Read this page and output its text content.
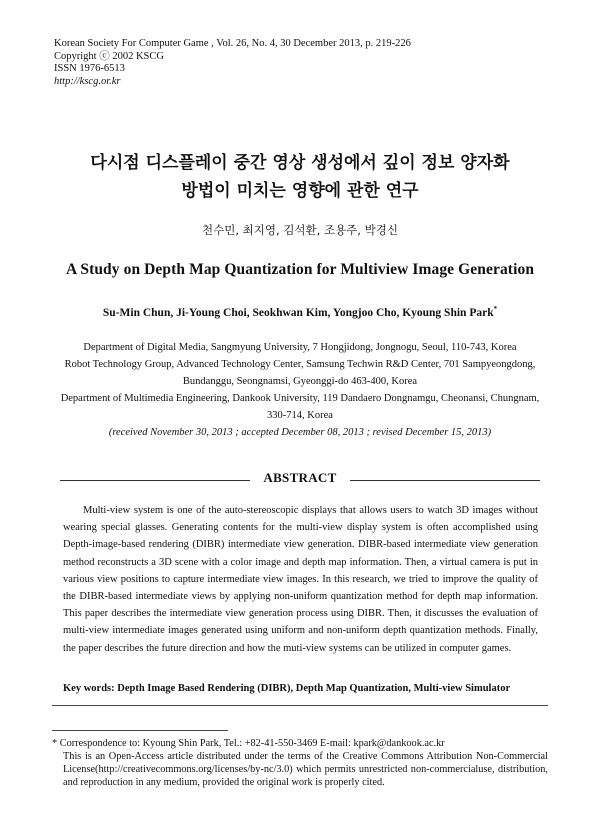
Korean Society For Computer Game , Vol. 26, No. 4, 30 December 2013, p. 219-226
Copyright ⓒ 2002 KSCG
ISSN 1976-6513
http://kscg.or.kr
다시점 디스플레이 중간 영상 생성에서 깊이 정보 양자화
방법이 미치는 영향에 관한 연구
천수민, 최지영, 김석환, 조용주, 박경신
A Study on Depth Map Quantization for Multiview Image Generation
Su-Min Chun, Ji-Young Choi, Seokhwan Kim, Yongjoo Cho, Kyoung Shin Park*
Department of Digital Media, Sangmyung University, 7 Hongjidong, Jongnogu, Seoul, 110-743, Korea
Robot Technology Group, Advanced Technology Center, Samsung Techwin R&D Center, 701 Sampyeongdong, Bundanggu, Seongnamsi, Gyeonggi-do 463-400, Korea
Department of Multimedia Engineering, Dankook University, 119 Dandaero Dongnamgu, Cheonansi, Chungnam, 330-714, Korea
(received November 30, 2013 ; accepted December 08, 2013 ; revised December 15, 2013)
ABSTRACT
Multi-view system is one of the auto-stereoscopic displays that allows users to watch 3D images without wearing special glasses. Generating contents for the multi-view display system is often accomplished using Depth-image-based rendering (DIBR) intermediate view generation. DIBR-based intermediate view generation method reconstructs a 3D scene with a color image and depth map information. Then, a virtual camera is put in various view positions to capture intermediate view images. In this research, we tried to improve the quality of the DIBR-based intermediate views by applying non-uniform quantization method for depth map information. This paper describes the intermediate view generation process using DIBR. Then, it discusses the evaluation of multi-view intermediate images generated using uniform and non-uniform depth quantization methods. Finally, the paper describes the future direction and how the muti-view systems can be utilized in computer games.
Key words: Depth Image Based Rendering (DIBR), Depth Map Quantization, Multi-view Simulator
* Correspondence to: Kyoung Shin Park, Tel.: +82-41-550-3469 E-mail: kpark@dankook.ac.kr
This is an Open-Access article distributed under the terms of the Creative Commons Attribution Non-Commercial License(http://creativecommons.org/licenses/by-nc/3.0) which permits unrestricted non-commercialuse, distribution, and reproduction in any medium, provided the original work is properly cited.
